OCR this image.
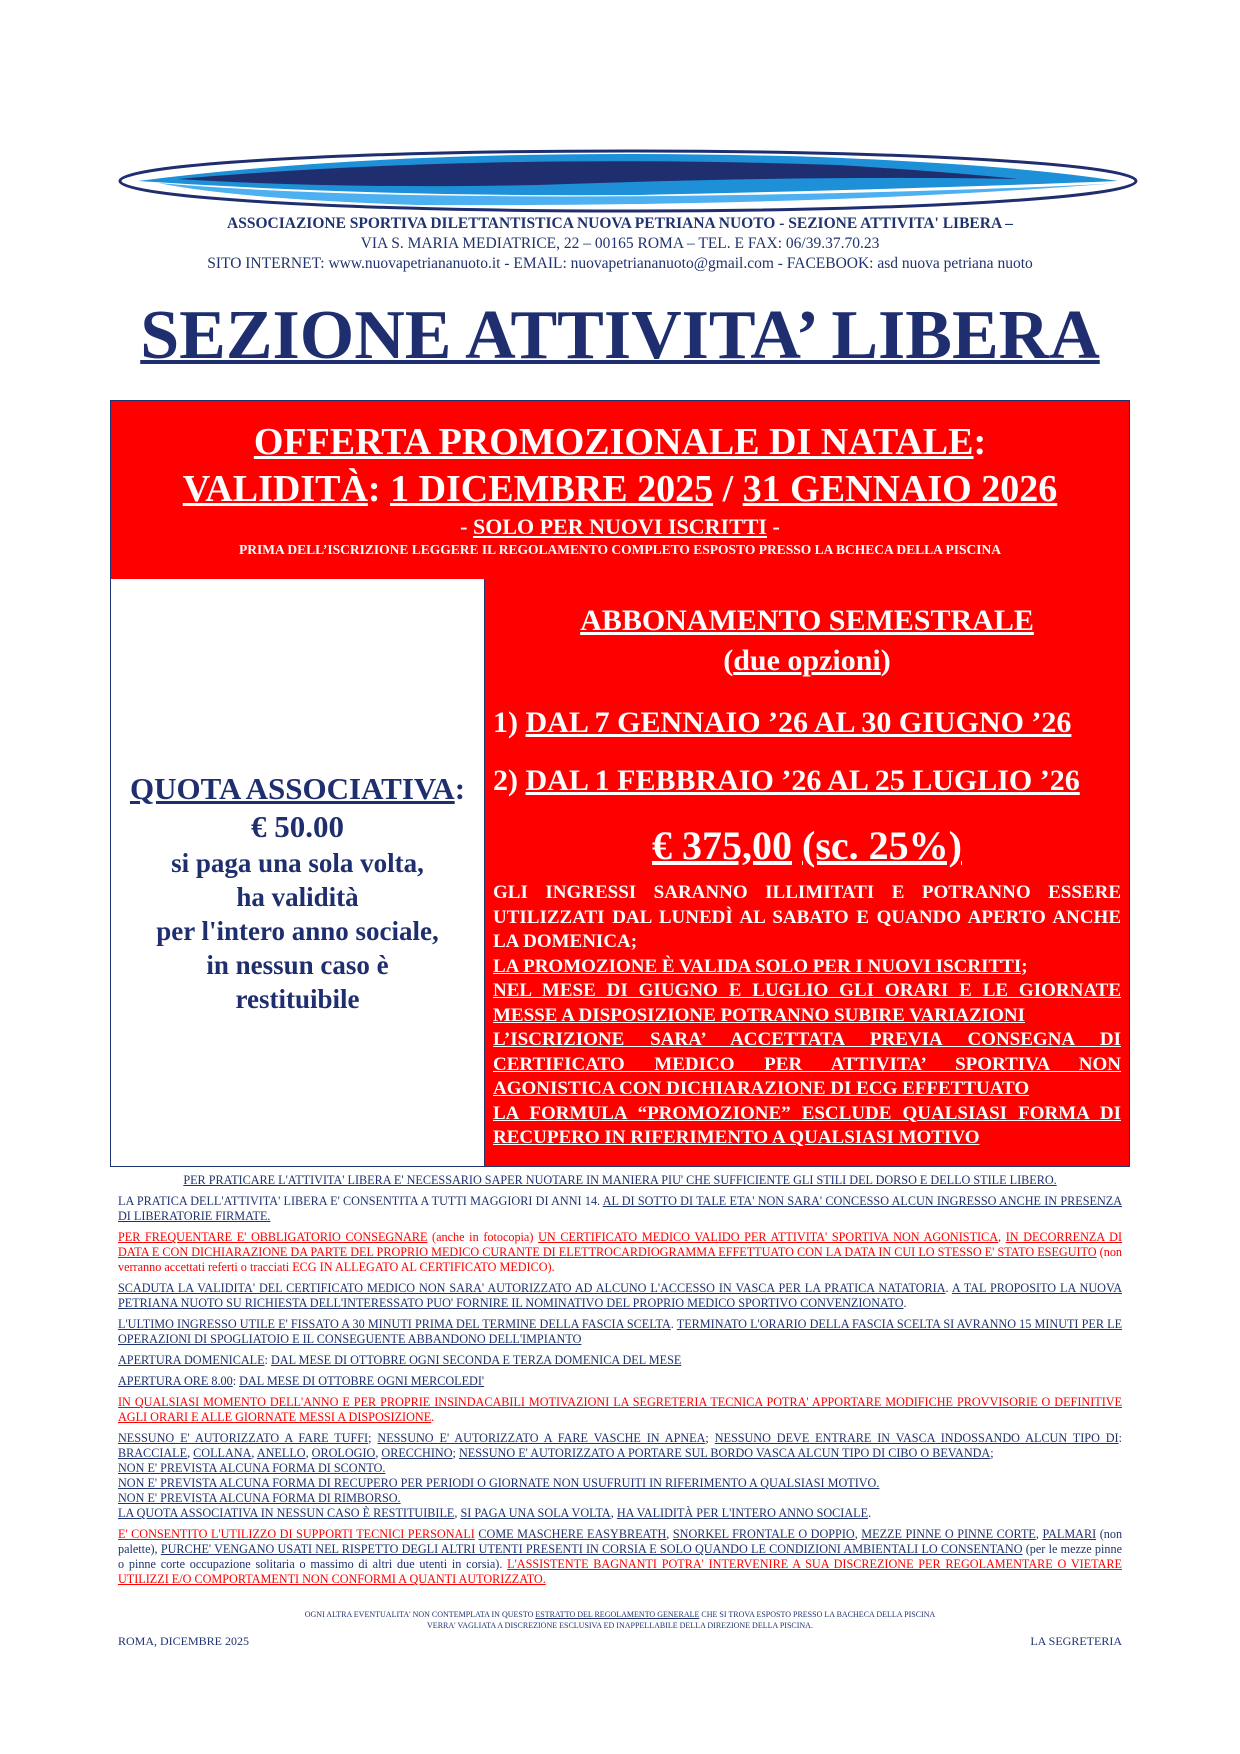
ASSOCIAZIONE SPORTIVA DILETTANTISTICA NUOVA PETRIANA NUOTO - SEZIONE ATTIVITA' LIBERA –
VIA S. MARIA MEDIATRICE, 22 – 00165 ROMA – TEL. E FAX: 06/39.37.70.23
SITO INTERNET: www.nuovapetriananuoto.it - EMAIL: nuovapetriananuoto@gmail.com - FACEBOOK: asd nuova petriana nuoto
SEZIONE ATTIVITA’ LIBERA
OFFERTA PROMOZIONALE DI NATALE:
VALIDITÀ: 1 DICEMBRE 2025 / 31 GENNAIO 2026
- SOLO PER NUOVI ISCRITTI -
PRIMA DELL’ISCRIZIONE LEGGERE IL REGOLAMENTO COMPLETO ESPOSTO PRESSO LA BCHECA DELLA PISCINA
QUOTA ASSOCIATIVA:
€ 50.00
si paga una sola volta,
ha validità
per l'intero anno sociale,
in nessun caso è
restituibile
ABBONAMENTO SEMESTRALE
(due opzioni)
1) DAL 7 GENNAIO ’26 AL 30 GIUGNO ’26
2) DAL 1 FEBBRAIO ’26 AL 25 LUGLIO ’26
€ 375,00 (sc. 25%)
GLI INGRESSI SARANNO ILLIMITATI E POTRANNO ESSERE UTILIZZATI DAL LUNEDÌ AL SABATO E QUANDO APERTO ANCHE LA DOMENICA;
LA PROMOZIONE È VALIDA SOLO PER I NUOVI ISCRITTI;
NEL MESE DI GIUGNO E LUGLIO GLI ORARI E LE GIORNATE MESSE A DISPOSIZIONE POTRANNO SUBIRE VARIAZIONI
L’ISCRIZIONE SARA’ ACCETTATA PREVIA CONSEGNA DI CERTIFICATO MEDICO PER ATTIVITA’ SPORTIVA NON AGONISTICA CON DICHIARAZIONE DI ECG EFFETTUATO
LA FORMULA “PROMOZIONE” ESCLUDE QUALSIASI FORMA DI RECUPERO IN RIFERIMENTO A QUALSIASI MOTIVO
PER PRATICARE L'ATTIVITA' LIBERA E' NECESSARIO SAPER NUOTARE IN MANIERA PIU' CHE SUFFICIENTE GLI STILI DEL DORSO E DELLO STILE LIBERO.
LA PRATICA DELL'ATTIVITA' LIBERA E' CONSENTITA A TUTTI MAGGIORI DI ANNI 14. AL DI SOTTO DI TALE ETA' NON SARA' CONCESSO ALCUN INGRESSO ANCHE IN PRESENZA DI LIBERATORIE FIRMATE.
PER FREQUENTARE E' OBBLIGATORIO CONSEGNARE (anche in fotocopia) UN CERTIFICATO MEDICO VALIDO PER ATTIVITA' SPORTIVA NON AGONISTICA, IN DECORRENZA DI DATA E CON DICHIARAZIONE DA PARTE DEL PROPRIO MEDICO CURANTE DI ELETTROCARDIOGRAMMA EFFETTUATO CON LA DATA IN CUI LO STESSO E' STATO ESEGUITO (non verranno accettati referti o tracciati ECG IN ALLEGATO AL CERTIFICATO MEDICO).
SCADUTA LA VALIDITA' DEL CERTIFICATO MEDICO NON SARA' AUTORIZZATO AD ALCUNO L'ACCESSO IN VASCA PER LA PRATICA NATATORIA. A TAL PROPOSITO LA NUOVA PETRIANA NUOTO SU RICHIESTA DELL'INTERESSATO PUO' FORNIRE IL NOMINATIVO DEL PROPRIO MEDICO SPORTIVO CONVENZIONATO.
L'ULTIMO INGRESSO UTILE E' FISSATO A 30 MINUTI PRIMA DEL TERMINE DELLA FASCIA SCELTA. TERMINATO L'ORARIO DELLA FASCIA SCELTA SI AVRANNO 15 MINUTI PER LE OPERAZIONI DI SPOGLIATOIO E IL CONSEGUENTE ABBANDONO DELL'IMPIANTO
APERTURA DOMENICALE: DAL MESE DI OTTOBRE OGNI SECONDA E TERZA DOMENICA DEL MESE
APERTURA ORE 8.00: DAL MESE DI OTTOBRE OGNI MERCOLEDI'
IN QUALSIASI MOMENTO DELL'ANNO E PER PROPRIE INSINDACABILI MOTIVAZIONI LA SEGRETERIA TECNICA POTRA' APPORTARE MODIFICHE PROVVISORIE O DEFINITIVE AGLI ORARI E ALLE GIORNATE MESSI A DISPOSIZIONE.
NESSUNO E' AUTORIZZATO A FARE TUFFI; NESSUNO E' AUTORIZZATO A FARE VASCHE IN APNEA; NESSUNO DEVE ENTRARE IN VASCA INDOSSANDO ALCUN TIPO DI: BRACCIALE, COLLANA, ANELLO, OROLOGIO, ORECCHINO; NESSUNO E' AUTORIZZATO A PORTARE SUL BORDO VASCA ALCUN TIPO DI CIBO O BEVANDA;
NON E' PREVISTA ALCUNA FORMA DI SCONTO.
NON E' PREVISTA ALCUNA FORMA DI RECUPERO PER PERIODI O GIORNATE NON USUFRUITI IN RIFERIMENTO A QUALSIASI MOTIVO.
NON E' PREVISTA ALCUNA FORMA DI RIMBORSO.
LA QUOTA ASSOCIATIVA IN NESSUN CASO È RESTITUIBILE, SI PAGA UNA SOLA VOLTA, HA VALIDITÀ PER L'INTERO ANNO SOCIALE.
E' CONSENTITO L'UTILIZZO DI SUPPORTI TECNICI PERSONALI COME MASCHERE EASYBREATH, SNORKEL FRONTALE O DOPPIO, MEZZE PINNE O PINNE CORTE, PALMARI (non palette), PURCHE' VENGANO USATI NEL RISPETTO DEGLI ALTRI UTENTI PRESENTI IN CORSIA E SOLO QUANDO LE CONDIZIONI AMBIENTALI LO CONSENTANO (per le mezze pinne o pinne corte occupazione solitaria o massimo di altri due utenti in corsia). L'ASSISTENTE BAGNANTI POTRA' INTERVENIRE A SUA DISCREZIONE PER REGOLAMENTARE O VIETARE UTILIZZI E/O COMPORTAMENTI NON CONFORMI A QUANTI AUTORIZZATO.
OGNI ALTRA EVENTUALITA' NON CONTEMPLATA IN QUESTO ESTRATTO DEL REGOLAMENTO GENERALE CHE SI TROVA ESPOSTO PRESSO LA BACHECA DELLA PISCINA
VERRA' VAGLIATA A DISCREZIONE ESCLUSIVA ED INAPPELLABILE DELLA DIREZIONE DELLA PISCINA.
ROMA, DICEMBRE 2025	LA SEGRETERIA
